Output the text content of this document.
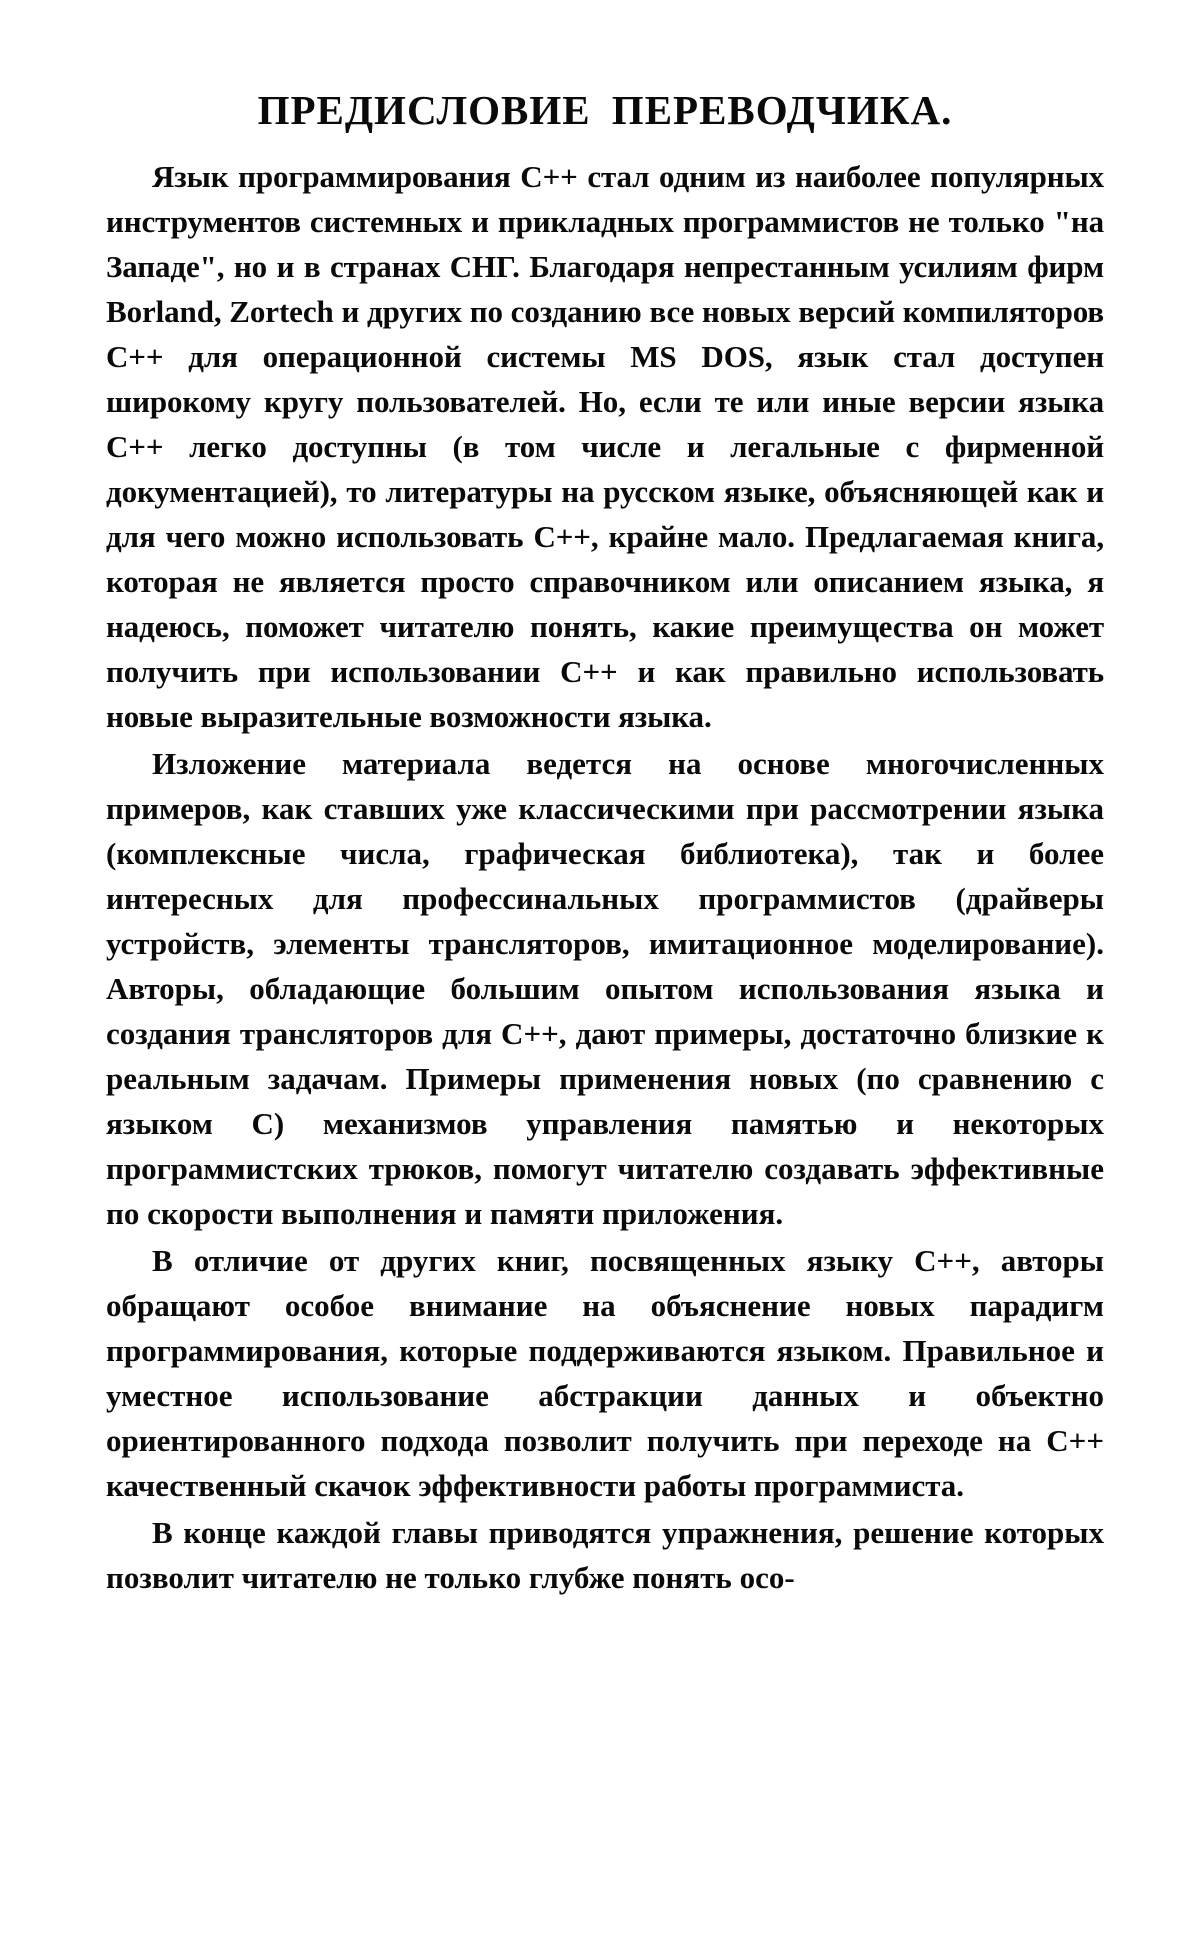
ПРЕДИСЛОВИЕ ПЕРЕВОДЧИКА.

Язык программирования С++ стал одним из наиболее популярных инструментов системных и прикладных программистов не только "на Западе", но и в странах СНГ. Благодаря непрестанным усилиям фирм Borland, Zortech и других по созданию все новых версий компиляторов С++ для операционной системы MS DOS, язык стал доступен широкому кругу пользователей. Но, если те или иные версии языка С++ легко доступны (в том числе и легальные с фирменной документацией), то литературы на русском языке, объясняющей как и для чего можно использовать С++, крайне мало. Предлагаемая книга, которая не является просто справочником или описанием языка, я надеюсь, поможет читателю понять, какие преимущества он может получить при использовании С++ и как правильно использовать новые выразительные возможности языка.

Изложение материала ведется на основе многочисленных примеров, как ставших уже классическими при рассмотрении языка (комплексные числа, графическая библиотека), так и более интересных для профессинальных программистов (драйверы устройств, элементы трансляторов, имитационное моделирование). Авторы, обладающие большим опытом использования языка и создания трансляторов для С++, дают примеры, достаточно близкие к реальным задачам. Примеры применения новых (по сравнению с языком С) механизмов управления памятью и некоторых программистских трюков, помогут читателю создавать эффективные по скорости выполнения и памяти приложения.

В отличие от других книг, посвященных языку С++, авторы обращают особое внимание на объяснение новых парадигм программирования, которые поддерживаются языком. Правильное и уместное использование абстракции данных и объектно ориентированного подхода позволит получить при переходе на С++ качественный скачок эффективности работы программиста.

В конце каждой главы приводятся упражнения, решение которых позволит читателю не только глубже понять осо-
